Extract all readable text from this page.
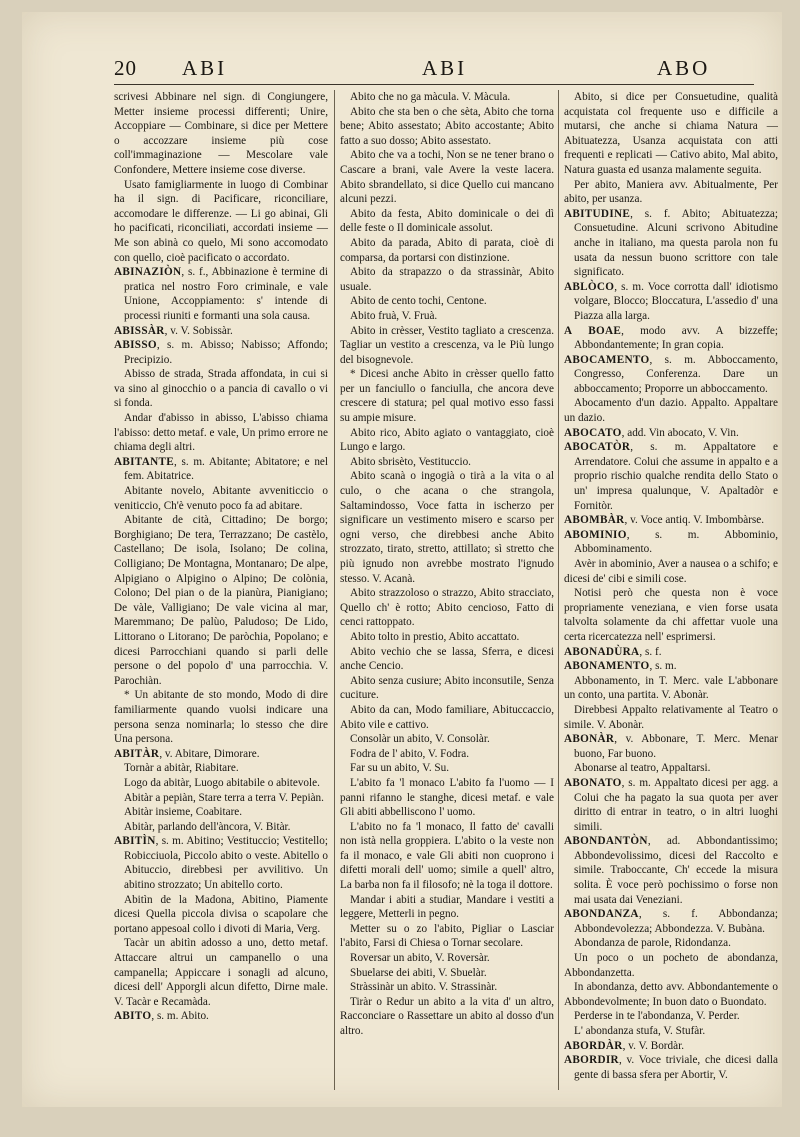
20 ABI	ABI	ABO

scrivesi Abbinare nel sign. di Congiungere, Metter insieme processi differenti; Unire, Accoppiare — Combinare, si dice per Mettere o accozzare insieme più cose coll'immaginazione — Mescolare vale Confondere, Mettere insieme cose diverse.

Usato famigliarmente in luogo di Combinar ha il sign. di Pacificare, riconciliare, accomodare le differenze. — Li go abinai, Gli ho pacificati, riconciliati, accordati insieme — Me son abinà co quelo, Mi sono accomodato con quello, cioè pacificato o accordato.

ABINAZIÒN, s. f., Abbinazione è termine di pratica nel nostro Foro criminale, e vale Unione, Accoppiamento: s' intende di processi riuniti e formanti una sola causa.

ABISSÀR, v. V. Sobissàr.

ABISSO, s. m. Abisso; Nabisso; Affondo; Precipizio.

Abisso de strada, Strada affondata, in cui si va sino al ginocchio o a pancia di cavallo o vi si fonda.

Andar d'abisso in abisso, L'abisso chiama l'abisso: detto metaf. e vale, Un primo errore ne chiama degli altri.

ABITANTE, s. m. Abitante; Abitatore; e nel fem. Abitatrice.

Abitante novelo, Abitante avveniticcio o veniticcio, Ch'è venuto poco fa ad abitare.

Abitante de cità, Cittadino; De borgo; Borghigiano; De tera, Terrazzano; De castèlo, Castellano; De isola, Isolano; De colina, Colligiano; De Montagna, Montanaro; De alpe, Alpigiano o Alpigino o Alpino; De colònia, Colono; Del pian o de la pianùra, Pianigiano; De vàle, Valligiano; De vale vicina al mar, Maremmano; De palùo, Paludoso; De Lido, Littorano o Litorano; De paròchia, Popolano; e dicesi Parrocchiani quando si parli delle persone o del popolo d' una parrocchia. V. Parochiàn.

* Un abitante de sto mondo, Modo di dire familiarmente quando vuolsi indicare una persona senza nominarla; lo stesso che dire Una persona.

ABITÀR, v. Abitare, Dimorare.

Tornàr a abitàr, Riabitare.

Logo da abitàr, Luogo abitabile o abitevole.

Abitàr a pepiàn, Stare terra a terra V. Pepiàn.

Abitàr insieme, Coabitare.

Abitàr, parlando dell'àncora, V. Bitàr.

ABITÌN, s. m. Abitino; Vestituccio; Vestitello; Robicciuola, Piccolo abito o veste. Abitello o Abituccio, direbbesi per avvilitivo. Un abitino strozzato; Un abitello corto.

Abitìn de la Madona, Abitino, Piamente dicesi Quella piccola divisa o scapolare che portano appesoal collo i divoti di Maria, Verg.

Tacàr un abitìn adosso a uno, detto metaf. Attaccare altrui un campanello o una campanella; Appiccare i sonagli ad alcuno, dicesi dell' Apporgli alcun difetto, Dirne male. V. Tacàr e Recamàda.

ABITO, s. m. Abito.

Abito che no ga màcula. V. Màcula.

Abito che sta ben o che sèta, Abito che torna bene; Abito assestato; Abito accostante; Abito fatto a suo dosso; Abito assestato.

Abito che va a tochi, Non se ne tener brano o Cascare a brani, vale Avere la veste lacera. Abito sbrandellato, si dice Quello cui mancano alcuni pezzi.

Abito da festa, Abito dominicale o dei dì delle feste o Il dominicale assolut.

Abito da parada, Abito di parata, cioè di comparsa, da portarsi con distinzione.

Abito da strapazzo o da strassinàr, Abito usuale.

Abito de cento tochi, Centone.

Abito fruà, V. Fruà.

Abito in crèsser, Vestito tagliato a crescenza. Tagliar un vestito a crescenza, va le Più lungo del bisognevole.

* Dicesi anche Abito in crèsser quello fatto per un fanciullo o fanciulla, che ancora deve crescere di statura; pel qual motivo esso fassi su ampie misure.

Abito rico, Abito agiato o vantaggiato, cioè Lungo e largo.

Abito sbrisèto, Vestituccio.

Abito scanà o ingogià o tirà a la vita o al culo, o che acana o che strangola, Saltamindosso, Voce fatta in ischerzo per significare un vestimento misero e scarso per ogni verso, che direbbesi anche Abito strozzato, tirato, stretto, attillato; sì stretto che più ignudo non avrebbe mostrato l'ignudo stesso. V. Acanà.

Abito strazzoloso o strazzo, Abito stracciato, Quello ch' è rotto; Abito cencioso, Fatto di cenci rattoppato.

Abito tolto in prestio, Abito accattato.

Abito vechio che se lassa, Sferra, e dicesi anche Cencio.

Abito senza cusiure; Abito inconsutile, Senza cuciture.

Abito da can, Modo familiare, Abituccaccio, Abito vile e cattivo.

Consolàr un abito, V. Consolàr.

Fodra de l' abito, V. Fodra.

Far su un abito, V. Su.

L'abito fa 'l monaco L'abito fa l'uomo — I panni rifanno le stanghe, dicesi metaf. e vale Gli abiti abbelliscono l' uomo.

L'abito no fa 'l monaco, Il fatto de' cavalli non istà nella groppiera. L'abito o la veste non fa il monaco, e vale Gli abiti non cuoprono i difetti morali dell' uomo; simile a quell' altro, La barba non fa il filosofo; nè la toga il dottore.

Mandar i abiti a studiar, Mandare i vestiti a leggere, Metterli in pegno.

Metter su o zo l'abito, Pigliar o Lasciar l'abito, Farsi di Chiesa o Tornar secolare.

Roversar un abito, V. Roversàr.

Sbuelarse dei abiti, V. Sbuelàr.

Stràssinàr un abito. V. Strassinàr.

Tiràr o Redur un abito a la vita d' un altro, Racconciare o Rassettare un abito al dosso d'un altro.

Abito, si dice per Consuetudine, qualità acquistata col frequente uso e difficile a mutarsi, che anche si chiama Natura — Abituatezza, Usanza acquistata con atti frequenti e replicati — Cativo abito, Mal abito, Natura guasta ed usanza malamente seguita.

Per abito, Maniera avv. Abitualmente, Per abito, per usanza.

ABITUDINE, s. f. Abito; Abituatezza; Consuetudine. Alcuni scrivono Abitudine anche in italiano, ma questa parola non fu usata da nessun buono scrittore con tale significato.

ABLÒCO, s. m. Voce corrotta dall' idiotismo volgare, Blocco; Bloccatura, L'assedio d' una Piazza alla larga.

A BOAE, modo avv. A bizzeffe; Abbondantemente; In gran copia.

ABOCAMENTO, s. m. Abboccamento, Congresso, Conferenza. Dare un abboccamento; Proporre un abboccamento.

Abocamento d'un dazio. Appalto. Appaltare un dazio.

ABOCATO, add. Vin abocato, V. Vin.

ABOCATÒR, s. m. Appaltatore e Arrendatore. Colui che assume in appalto e a proprio rischio qualche rendita dello Stato o un' impresa qualunque, V. Apaltadòr e Fornitòr.

ABOMBÀR, v. Voce antiq. V. Imbombàrse.

ABOMINIO, s. m. Abbominio, Abbominamento.

Avèr in abominio, Aver a nausea o a schifo; e dicesi de' cibi e simili cose.

Notisi però che questa non è voce propriamente veneziana, e vien forse usata talvolta solamente da chi affettar vuole una certa ricercatezza nell' esprimersi.

ABONADÙRA, s. f.

ABONAMENTO, s. m.

Abbonamento, in T. Merc. vale L'abbonare un conto, una partita. V. Abonàr.

Direbbesi Appalto relativamente al Teatro o simile. V. Abonàr.

ABONÀR, v. Abbonare, T. Merc. Menar buono, Far buono.

Abonarse al teatro, Appaltarsi.

ABONATO, s. m. Appaltato dicesi per agg. a Colui che ha pagato la sua quota per aver diritto di entrar in teatro, o in altri luoghi simili.

ABONDANTÒN, ad. Abbondantissimo; Abbondevolissimo, dicesi del Raccolto e simile. Traboccante, Ch' eccede la misura solita. È voce però pochissimo o forse non mai usata dai Veneziani.

ABONDANZA, s. f. Abbondanza; Abbondevolezza; Abbondezza. V. Bubàna.

Abondanza de parole, Ridondanza.

Un poco o un pocheto de abondanza, Abbondanzetta.

In abondanza, detto avv. Abbondantemente o Abbondevolmente; In buon dato o Buondato.

Perderse in te l'abondanza, V. Perder.

L' abondanza stufa, V. Stufàr.

ABORDÀR, v. V. Bordàr.

ABORDIR, v. Voce triviale, che dicesi dalla gente di bassa sfera per Abortir, V.
